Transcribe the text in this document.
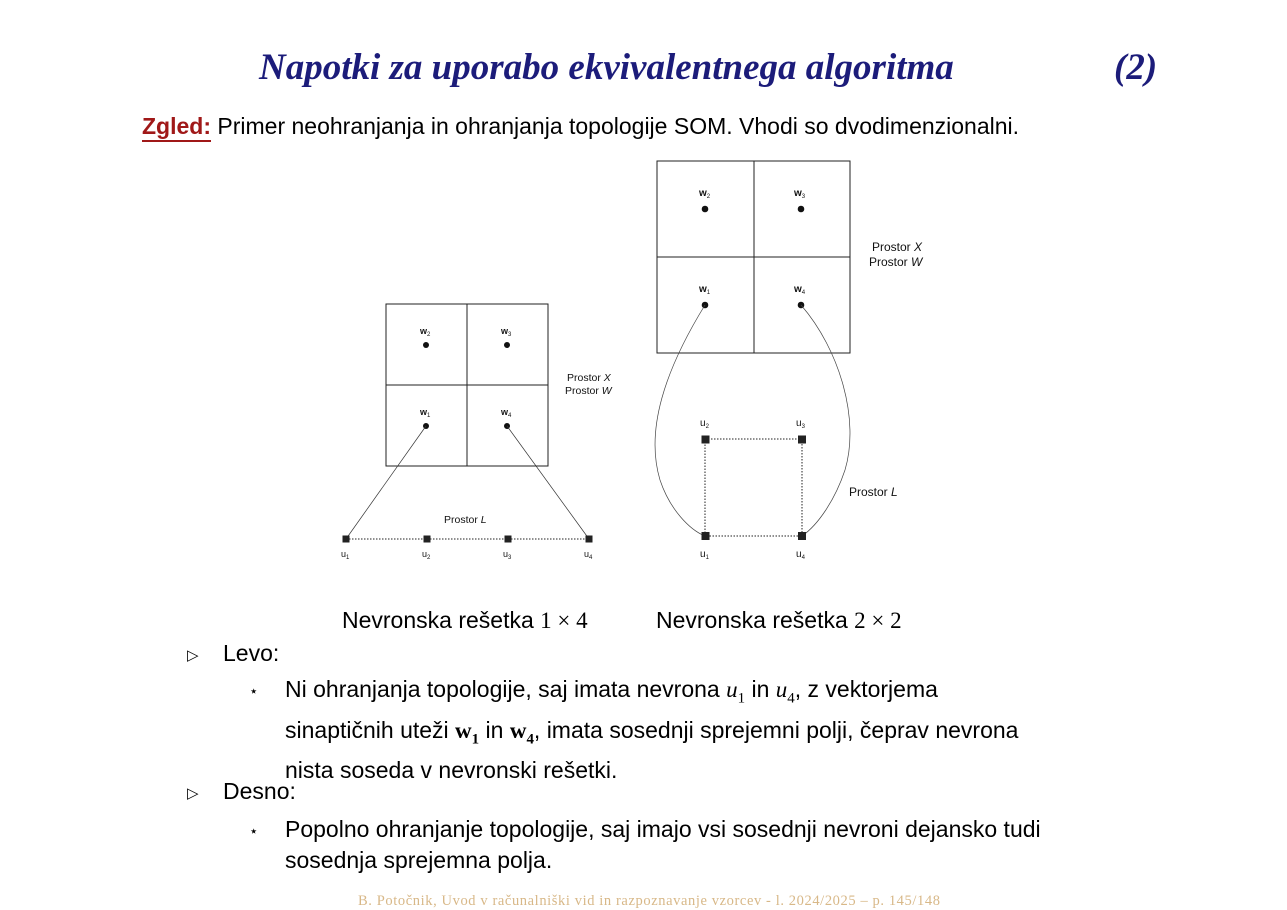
Napotki za uporabo ekvivalentnega algoritma	(2)
Zgled: Primer neohranjanja in ohranjanja topologije SOM. Vhodi so dvodimenzionalni.
$w_2$	$w_3$
$w_1$	$w_4$
Prostor X
Prostor W
Prostor L
$u_1$	$u_2$	$u_3$	$u_4$
$w_2$	$w_3$
$w_1$	$w_4$
Prostor X
Prostor W
$u_2$	$u_3$
$u_1$	$u_4$
Prostor L
Nevronska rešetka 1 × 4	Nevronska rešetka 2 × 2
▷ Levo:
⋆ Ni ohranjanja topologije, saj imata nevrona $u_1$ in $u_4$, z vektorjema
sinaptičnih uteži $w_1$ in $w_4$, imata sosednji sprejemni polji, čeprav nevrona
nista soseda v nevronski rešetki.
▷ Desno:
⋆ Popolno ohranjanje topologije, saj imajo vsi sosednji nevroni dejansko tudi
sosednja sprejemna polja.
B. Potočnik, Uvod v računalniški vid in razpoznavanje vzorcev - l. 2024/2025 – p. 145/148
